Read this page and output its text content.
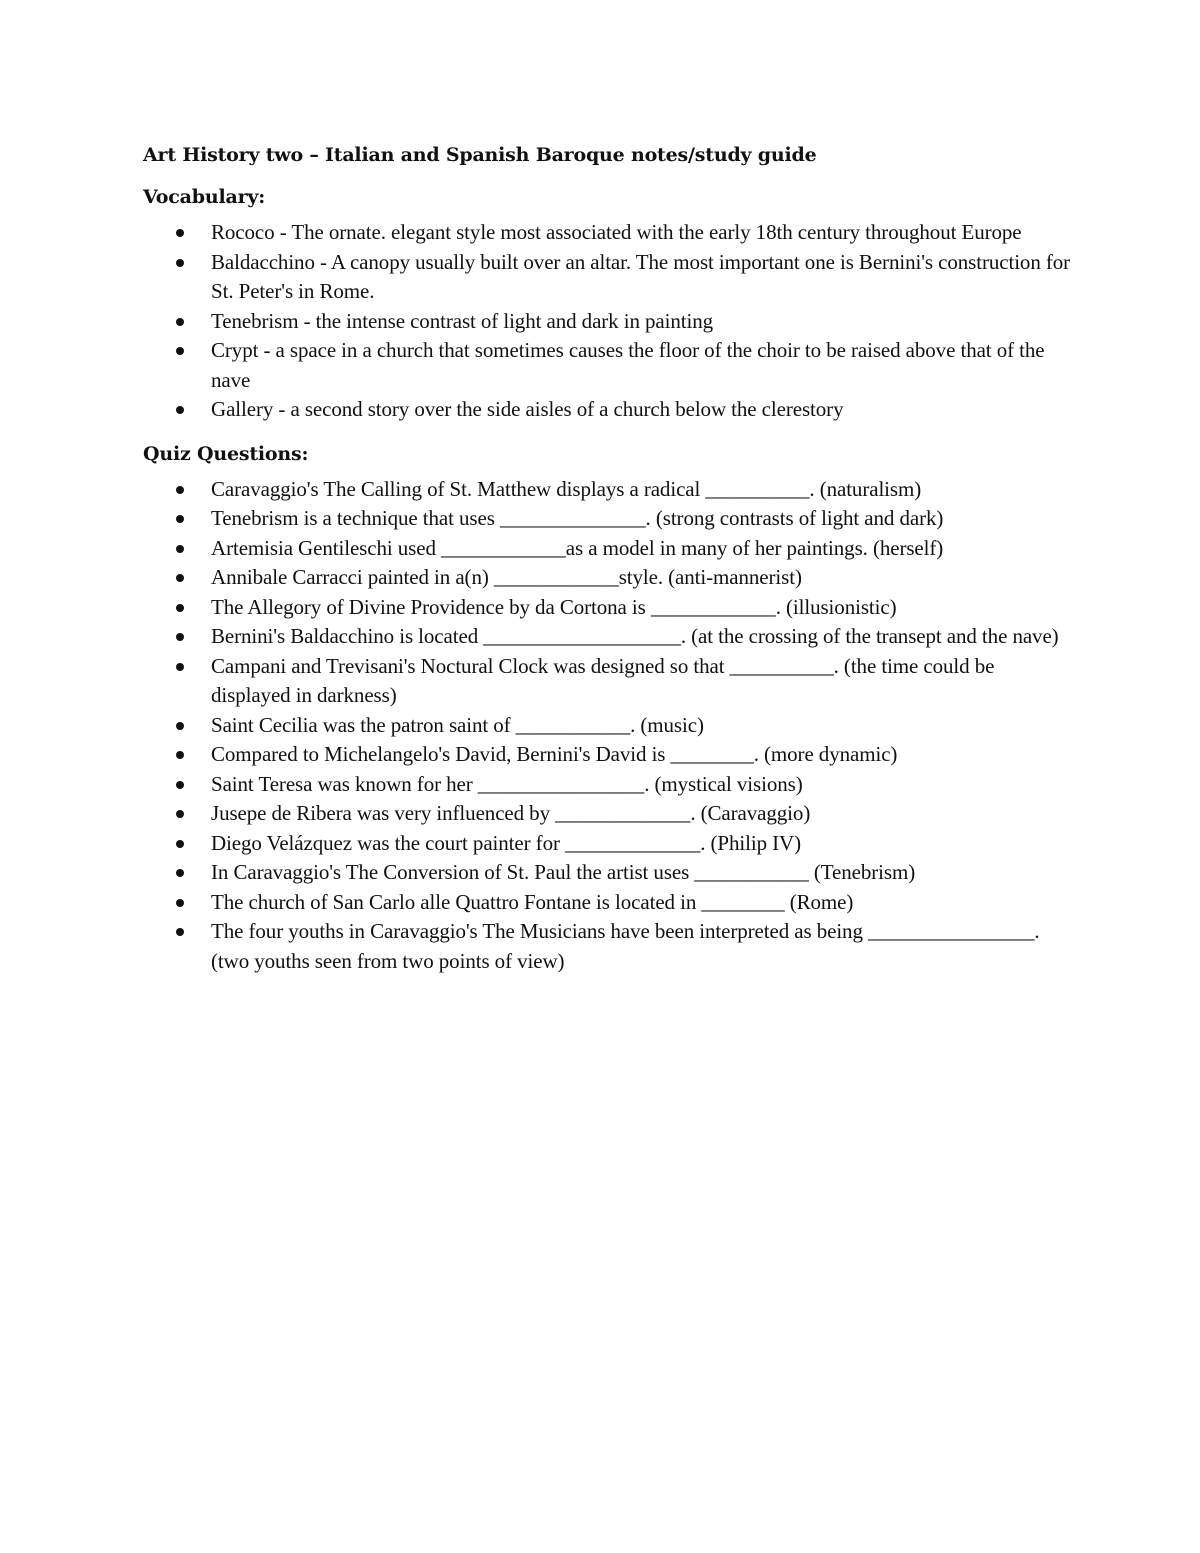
Art History two – Italian and Spanish Baroque notes/study guide
Vocabulary:
Rococo - The ornate. elegant style most associated with the early 18th century throughout Europe
Baldacchino - A canopy usually built over an altar. The most important one is Bernini's construction for St. Peter's in Rome.
Tenebrism - the intense contrast of light and dark in painting
Crypt - a space in a church that sometimes causes the floor of the choir to be raised above that of the nave
Gallery - a second story over the side aisles of a church below the clerestory
Quiz Questions:
Caravaggio's The Calling of St. Matthew displays a radical __________. (naturalism)
Tenebrism is a technique that uses ______________. (strong contrasts of light and dark)
Artemisia Gentileschi used ____________as a model in many of her paintings. (herself)
Annibale Carracci painted in a(n) ____________style. (anti-mannerist)
The Allegory of Divine Providence by da Cortona is ____________. (illusionistic)
Bernini's Baldacchino is located ___________________. (at the crossing of the transept and the nave)
Campani and Trevisani's Noctural Clock was designed so that __________. (the time could be displayed in darkness)
Saint Cecilia was the patron saint of ___________. (music)
Compared to Michelangelo's David, Bernini's David is ________. (more dynamic)
Saint Teresa was known for her ________________. (mystical visions)
Jusepe de Ribera was very influenced by _____________. (Caravaggio)
Diego Velázquez was the court painter for _____________. (Philip IV)
In Caravaggio's The Conversion of St. Paul the artist uses ___________ (Tenebrism)
The church of San Carlo alle Quattro Fontane is located in ________ (Rome)
The four youths in Caravaggio's The Musicians have been interpreted as being ________________. (two youths seen from two points of view)
